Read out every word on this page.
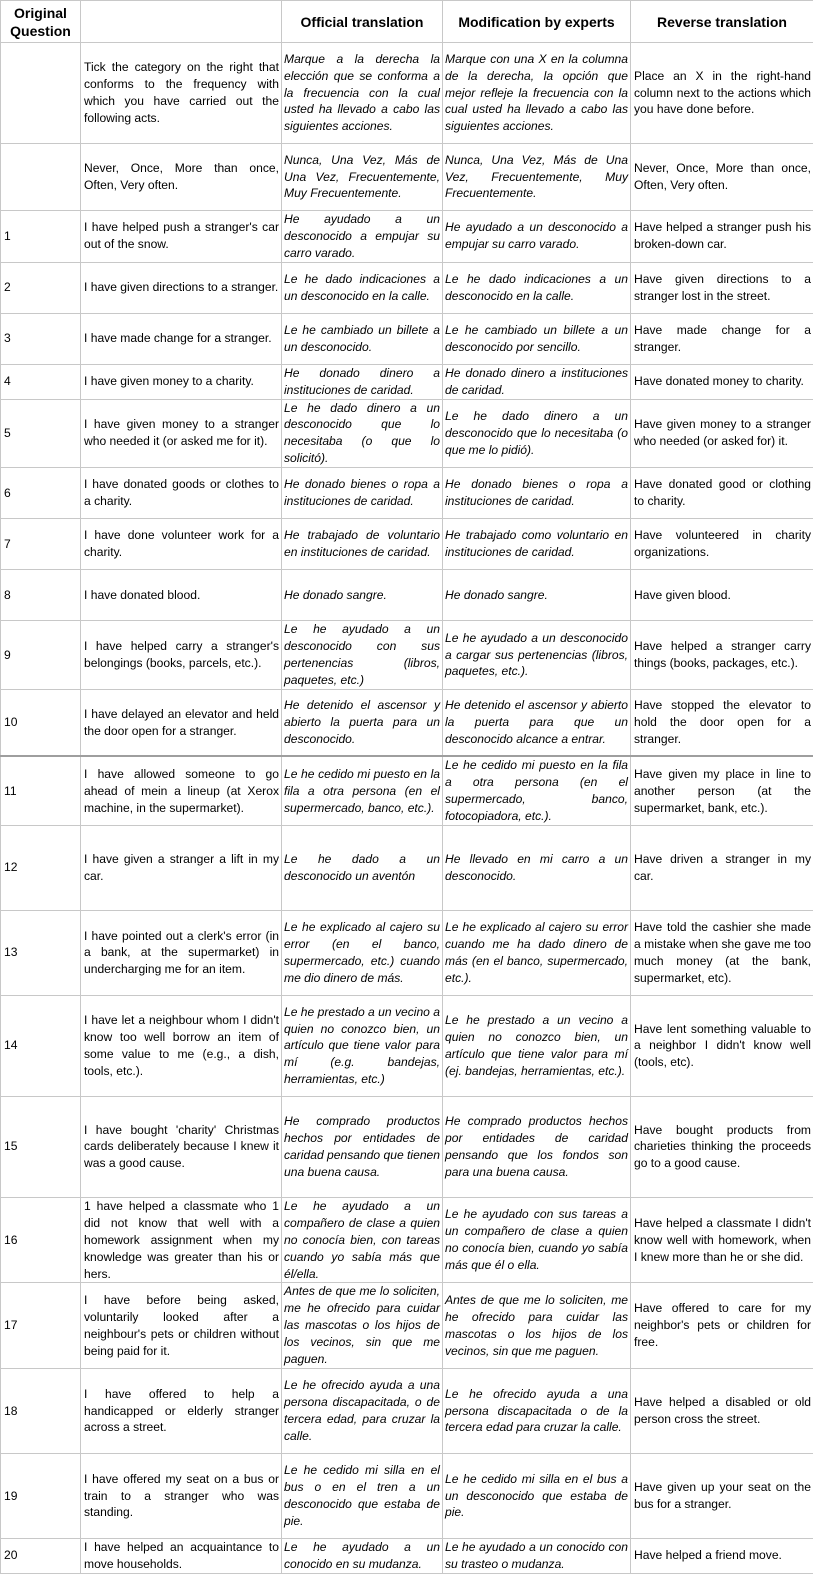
Original Question		Official translation	Modification by experts	Reverse translation
	Tick the category on the right that conforms to the frequency with which you have carried out the following acts.	Marque a la derecha la elección que se conforma a la frecuencia con la cual usted ha llevado a cabo las siguientes acciones.	Marque con una X en la columna de la derecha, la opción que mejor refleje la frecuencia con la cual usted ha llevado a cabo las siguientes acciones.	Place an X in the right-hand column next to the actions which you have done before.
	Never, Once, More than once, Often, Very often.	Nunca, Una Vez, Más de Una Vez, Frecuentemente, Muy Frecuentemente.	Nunca, Una Vez, Más de Una Vez, Frecuentemente, Muy Frecuentemente.	Never, Once, More than once, Often, Very often.
1	I have helped push a stranger's car out of the snow.	He ayudado a un desconocido a empujar su carro varado.	He ayudado a un desconocido a empujar su carro varado.	Have helped a stranger push his broken-down car.
2	I have given directions to a stranger.	Le he dado indicaciones a un desconocido en la calle.	Le he dado indicaciones a un desconocido en la calle.	Have given directions to a stranger lost in the street.
3	I have made change for a stranger.	Le he cambiado un billete a un desconocido.	Le he cambiado un billete a un desconocido por sencillo.	Have made change for a stranger.
4	I have given money to a charity.	He donado dinero a instituciones de caridad.	He donado dinero a instituciones de caridad.	Have donated money to charity.
5	I have given money to a stranger who needed it (or asked me for it).	Le he dado dinero a un desconocido que lo necesitaba (o que lo solicitó).	Le he dado dinero a un desconocido que lo necesitaba (o que me lo pidió).	Have given money to a stranger who needed (or asked for) it.
6	I have donated goods or clothes to a charity.	He donado bienes o ropa a instituciones de caridad.	He donado bienes o ropa a instituciones de caridad.	Have donated good or clothing to charity.
7	I have done volunteer work for a charity.	He trabajado de voluntario en instituciones de caridad.	He trabajado como voluntario en instituciones de caridad.	Have volunteered in charity organizations.
8	I have donated blood.	He donado sangre.	He donado sangre.	Have given blood.
9	I have helped carry a stranger's belongings (books, parcels, etc.).	Le he ayudado a un desconocido con sus pertenencias (libros, paquetes, etc.)	Le he ayudado a un desconocido a cargar sus pertenencias (libros, paquetes, etc.).	Have helped a stranger carry things (books, packages, etc.).
10	I have delayed an elevator and held the door open for a stranger.	He detenido el ascensor y abierto la puerta para un desconocido.	He detenido el ascensor y abierto la puerta para que un desconocido alcance a entrar.	Have stopped the elevator to hold the door open for a stranger.
11	I have allowed someone to go ahead of mein a lineup (at Xerox machine, in the supermarket).	Le he cedido mi puesto en la fila a otra persona (en el supermercado, banco, etc.).	Le he cedido mi puesto en la fila a otra persona (en el supermercado, banco, fotocopiadora, etc.).	Have given my place in line to another person (at the supermarket, bank, etc.).
12	I have given a stranger a lift in my car.	Le he dado a un desconocido un aventón	He llevado en mi carro a un desconocido.	Have driven a stranger in my car.
13	I have pointed out a clerk's error (in a bank, at the supermarket) in undercharging me for an item.	Le he explicado al cajero su error (en el banco, supermercado, etc.) cuando me dio dinero de más.	Le he explicado al cajero su error cuando me ha dado dinero de más (en el banco, supermercado, etc.).	Have told the cashier she made a mistake when she gave me too much money (at the bank, supermarket, etc).
14	I have let a neighbour whom I didn't know too well borrow an item of some value to me (e.g., a dish, tools, etc.).	Le he prestado a un vecino a quien no conozco bien, un artículo que tiene valor para mí (e.g. bandejas, herramientas, etc.)	Le he prestado a un vecino a quien no conozco bien, un artículo que tiene valor para mí (ej. bandejas, herramientas, etc.).	Have lent something valuable to a neighbor I didn't know well (tools, etc).
15	I have bought 'charity' Christmas cards deliberately because I knew it was a good cause.	He comprado productos hechos por entidades de caridad pensando que tienen una buena causa.	He comprado productos hechos por entidades de caridad pensando que los fondos son para una buena causa.	Have bought products from charieties thinking the proceeds go to a good cause.
16	1 have helped a classmate who 1 did not know that well with a homework assignment when my knowledge was greater than his or hers.	Le he ayudado a un compañero de clase a quien no conocía bien, con tareas cuando yo sabía más que él/ella.	Le he ayudado con sus tareas a un compañero de clase a quien no conocía bien, cuando yo sabía más que él o ella.	Have helped a classmate I didn't know well with homework, when I knew more than he or she did.
17	I have before being asked, voluntarily looked after a neighbour's pets or children without being paid for it.	Antes de que me lo soliciten, me he ofrecido para cuidar las mascotas o los hijos de los vecinos, sin que me paguen.	Antes de que me lo soliciten, me he ofrecido para cuidar las mascotas o los hijos de los vecinos, sin que me paguen.	Have offered to care for my neighbor's pets or children for free.
18	I have offered to help a handicapped or elderly stranger across a street.	Le he ofrecido ayuda a una persona discapacitada, o de tercera edad, para cruzar la calle.	Le he ofrecido ayuda a una persona discapacitada o de la tercera edad para cruzar la calle.	Have helped a disabled or old person cross the street.
19	I have offered my seat on a bus or train to a stranger who was standing.	Le he cedido mi silla en el bus o en el tren a un desconocido que estaba de pie.	Le he cedido mi silla en el bus a un desconocido que estaba de pie.	Have given up your seat on the bus for a stranger.
20	I have helped an acquaintance to move households.	Le he ayudado a un conocido en su mudanza.	Le he ayudado a un conocido con su trasteo o mudanza.	Have helped a friend move.
